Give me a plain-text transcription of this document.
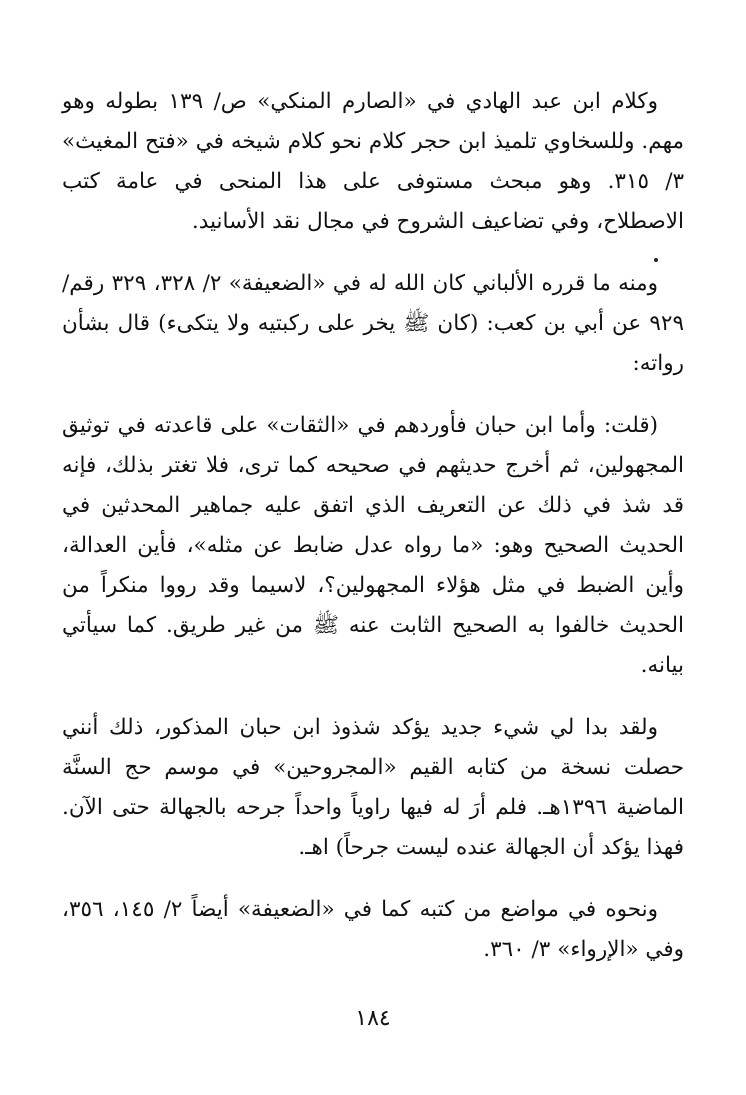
وكلام ابن عبد الهادي في «الصارم المنكي» ص/ ١٣٩ بطوله وهو مهم. وللسخاوي تلميذ ابن حجر كلام نحو كلام شيخه في «فتح المغيث» ٣/ ٣١٥. وهو مبحث مستوفى على هذا المنحى في عامة كتب الاصطلاح، وفي تضاعيف الشروح في مجال نقد الأسانيد.

ومنه ما قرره الألباني كان الله له في «الضعيفة» ٢/ ٣٢٨، ٣٢٩ رقم/ ٩٢٩ عن أبي بن كعب: (كان ﷺ يخر على ركبتيه ولا يتكىء) قال بشأن رواته:

(قلت: وأما ابن حبان فأوردهم في «الثقات» على قاعدته في توثيق المجهولين، ثم أخرج حديثهم في صحيحه كما ترى، فلا تغتر بذلك، فإنه قد شذ في ذلك عن التعريف الذي اتفق عليه جماهير المحدثين في الحديث الصحيح وهو: «ما رواه عدل ضابط عن مثله»، فأين العدالة، وأين الضبط في مثل هؤلاء المجهولين؟، لاسيما وقد رووا منكراً من الحديث خالفوا به الصحيح الثابت عنه ﷺ من غير طريق. كما سيأتي بيانه.

ولقد بدا لي شيء جديد يؤكد شذوذ ابن حبان المذكور، ذلك أنني حصلت نسخة من كتابه القيم «المجروحين» في موسم حج السنَّة الماضية ١٣٩٦هـ. فلم أرَ له فيها راوياً واحداً جرحه بالجهالة حتى الآن. فهذا يؤكد أن الجهالة عنده ليست جرحاً) اهـ.

ونحوه في مواضع من كتبه كما في «الضعيفة» أيضاً ٢/ ١٤٥، ٣٥٦، وفي «الإرواء» ٣/ ٣٦٠.

١٨٤
